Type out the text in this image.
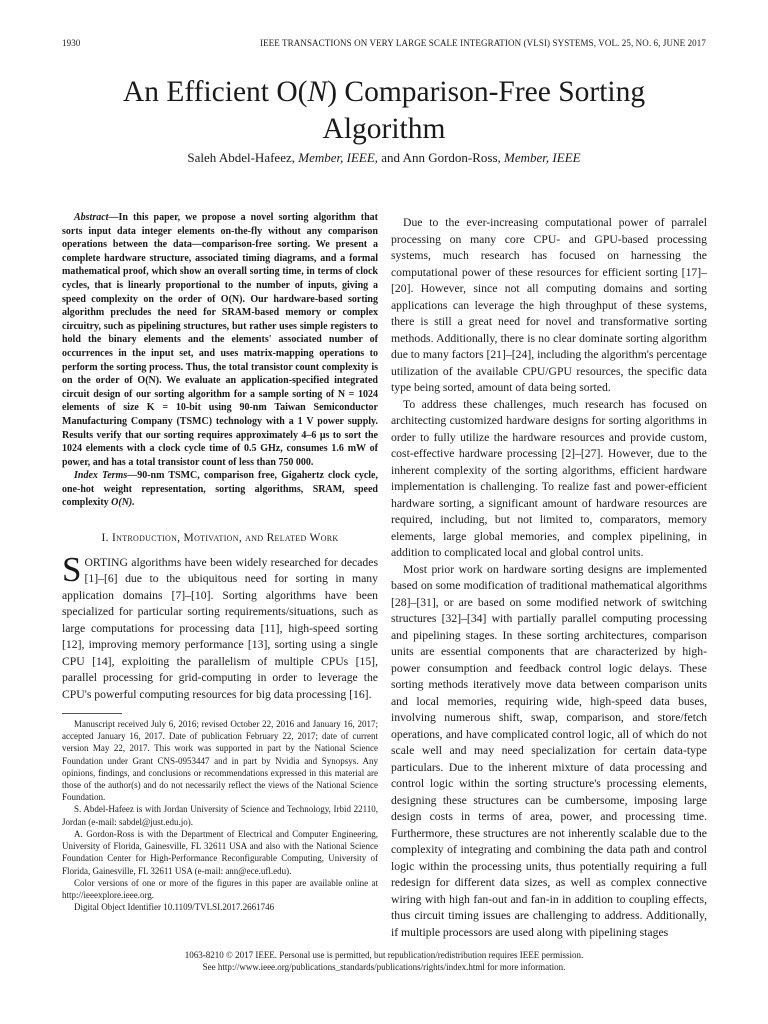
1930	IEEE TRANSACTIONS ON VERY LARGE SCALE INTEGRATION (VLSI) SYSTEMS, VOL. 25, NO. 6, JUNE 2017
An Efficient O(N) Comparison-Free Sorting
Algorithm
Saleh Abdel-Hafeez, Member, IEEE, and Ann Gordon-Ross, Member, IEEE

Abstract—In this paper, we propose a novel sorting algorithm that sorts input data integer elements on-the-fly without any comparison operations between the data—comparison-free sorting. We present a complete hardware structure, associated timing diagrams, and a formal mathematical proof, which show an overall sorting time, in terms of clock cycles, that is linearly proportional to the number of inputs, giving a speed complexity on the order of O(N). Our hardware-based sorting algorithm precludes the need for SRAM-based memory or complex circuitry, such as pipelining structures, but rather uses simple registers to hold the binary elements and the elements' associated number of occurrences in the input set, and uses matrix-mapping operations to perform the sorting process. Thus, the total transistor count complexity is on the order of O(N). We evaluate an application-specified integrated circuit design of our sorting algorithm for a sample sorting of N = 1024 elements of size K = 10-bit using 90-nm Taiwan Semiconductor Manufacturing Company (TSMC) technology with a 1 V power supply. Results verify that our sorting requires approximately 4–6 μs to sort the 1024 elements with a clock cycle time of 0.5 GHz, consumes 1.6 mW of power, and has a total transistor count of less than 750 000.

Index Terms—90-nm TSMC, comparison free, Gigahertz clock cycle, one-hot weight representation, sorting algorithms, SRAM, speed complexity O(N).

I. Introduction, Motivation, and Related Work

SORTING algorithms have been widely researched for decades [1]–[6] due to the ubiquitous need for sorting in many application domains [7]–[10]. Sorting algorithms have been specialized for particular sorting requirements/situations, such as large computations for processing data [11], high-speed sorting [12], improving memory performance [13], sorting using a single CPU [14], exploiting the parallelism of multiple CPUs [15], parallel processing for grid-computing in order to leverage the CPU's powerful computing resources for big data processing [16].

Manuscript received July 6, 2016; revised October 22, 2016 and January 16, 2017; accepted January 16, 2017. Date of publication February 22, 2017; date of current version May 22, 2017. This work was supported in part by the National Science Foundation under Grant CNS-0953447 and in part by Nvidia and Synopsys. Any opinions, findings, and conclusions or recommendations expressed in this material are those of the author(s) and do not necessarily reflect the views of the National Science Foundation.

S. Abdel-Hafeez is with Jordan University of Science and Technology, Irbid 22110, Jordan (e-mail: sabdel@just.edu.jo).

A. Gordon-Ross is with the Department of Electrical and Computer Engineering, University of Florida, Gainesville, FL 32611 USA and also with the National Science Foundation Center for High-Performance Reconfigurable Computing, University of Florida, Gainesville, FL 32611 USA (e-mail: ann@ece.ufl.edu).

Color versions of one or more of the figures in this paper are available online at http://ieeexplore.ieee.org.

Digital Object Identifier 10.1109/TVLSI.2017.2661746

Due to the ever-increasing computational power of parralel processing on many core CPU- and GPU-based processing systems, much research has focused on harnessing the computational power of these resources for efficient sorting [17]–[20]. However, since not all computing domains and sorting applications can leverage the high throughput of these systems, there is still a great need for novel and transformative sorting methods. Additionally, there is no clear dominate sorting algorithm due to many factors [21]–[24], including the algorithm's percentage utilization of the available CPU/GPU resources, the specific data type being sorted, amount of data being sorted.

To address these challenges, much research has focused on architecting customized hardware designs for sorting algorithms in order to fully utilize the hardware resources and provide custom, cost-effective hardware processing [2]–[27]. However, due to the inherent complexity of the sorting algorithms, efficient hardware implementation is challenging. To realize fast and power-efficient hardware sorting, a significant amount of hardware resources are required, including, but not limited to, comparators, memory elements, large global memories, and complex pipelining, in addition to complicated local and global control units.

Most prior work on hardware sorting designs are implemented based on some modification of traditional mathematical algorithms [28]–[31], or are based on some modified network of switching structures [32]–[34] with partially parallel computing processing and pipelining stages. In these sorting architectures, comparison units are essential components that are characterized by high-power consumption and feedback control logic delays. These sorting methods iteratively move data between comparison units and local memories, requiring wide, high-speed data buses, involving numerous shift, swap, comparison, and store/fetch operations, and have complicated control logic, all of which do not scale well and may need specialization for certain data-type particulars. Due to the inherent mixture of data processing and control logic within the sorting structure's processing elements, designing these structures can be cumbersome, imposing large design costs in terms of area, power, and processing time. Furthermore, these structures are not inherently scalable due to the complexity of integrating and combining the data path and control logic within the processing units, thus potentially requiring a full redesign for different data sizes, as well as complex connective wiring with high fan-out and fan-in in addition to coupling effects, thus circuit timing issues are challenging to address. Additionally, if multiple processors are used along with pipelining stages

1063-8210 © 2017 IEEE. Personal use is permitted, but republication/redistribution requires IEEE permission.
See http://www.ieee.org/publications_standards/publications/rights/index.html for more information.
